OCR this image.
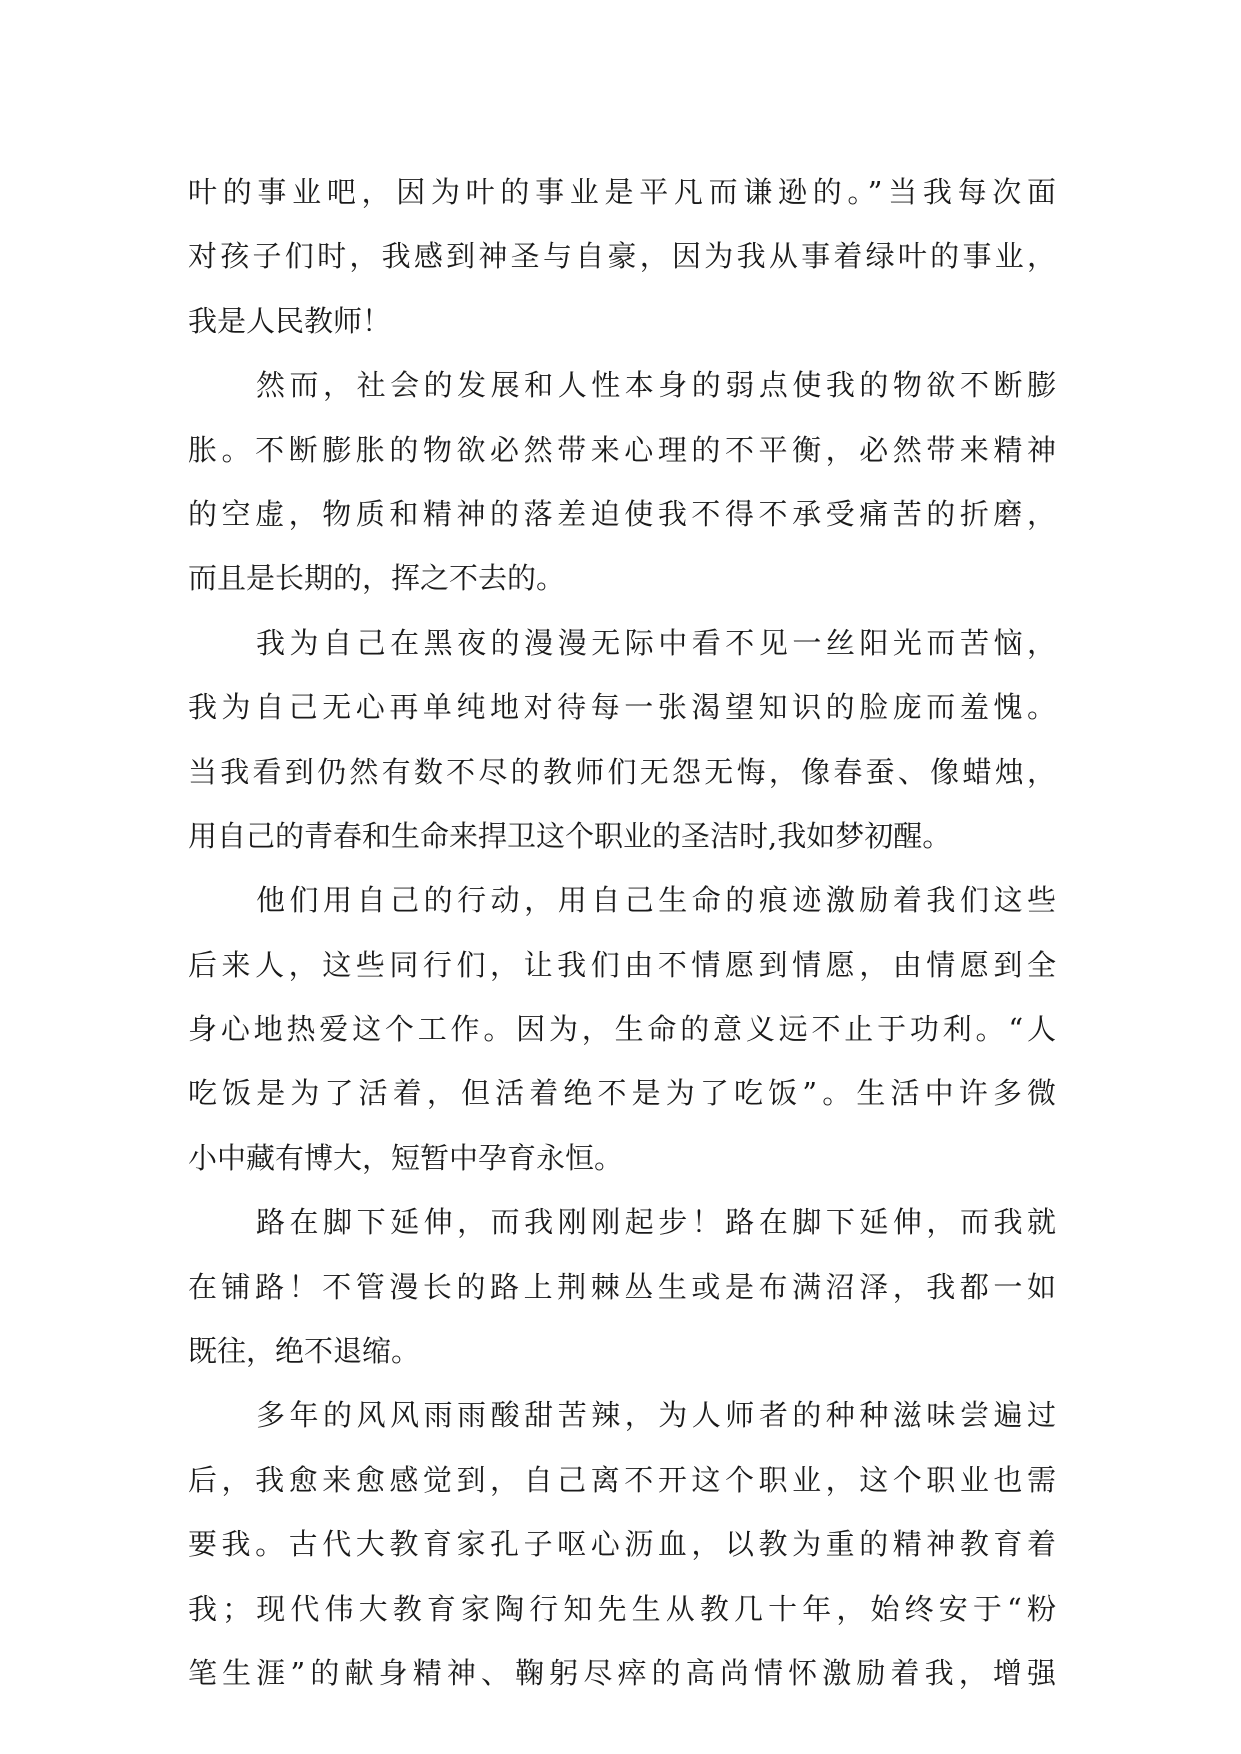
叶的事业吧，因为叶的事业是平凡而谦逊的。”当我每次面
对孩子们时，我感到神圣与自豪，因为我从事着绿叶的事业，
我是人民教师！
然而，社会的发展和人性本身的弱点使我的物欲不断膨
胀。不断膨胀的物欲必然带来心理的不平衡，必然带来精神
的空虚，物质和精神的落差迫使我不得不承受痛苦的折磨，
而且是长期的，挥之不去的。
我为自己在黑夜的漫漫无际中看不见一丝阳光而苦恼，
我为自己无心再单纯地对待每一张渴望知识的脸庞而羞愧。
当我看到仍然有数不尽的教师们无怨无悔，像春蚕、像蜡烛，
用自己的青春和生命来捍卫这个职业的圣洁时,我如梦初醒。
他们用自己的行动，用自己生命的痕迹激励着我们这些
后来人，这些同行们，让我们由不情愿到情愿，由情愿到全
身心地热爱这个工作。因为，生命的意义远不止于功利。“人
吃饭是为了活着，但活着绝不是为了吃饭”。生活中许多微
小中藏有博大，短暂中孕育永恒。
路在脚下延伸，而我刚刚起步！路在脚下延伸，而我就
在铺路！不管漫长的路上荆棘丛生或是布满沼泽，我都一如
既往，绝不退缩。
多年的风风雨雨酸甜苦辣，为人师者的种种滋味尝遍过
后，我愈来愈感觉到，自己离不开这个职业，这个职业也需
要我。古代大教育家孔子呕心沥血，以教为重的精神教育着
我；现代伟大教育家陶行知先生从教几十年，始终安于“粉
笔生涯”的献身精神、鞠躬尽瘁的高尚情怀激励着我，增强
